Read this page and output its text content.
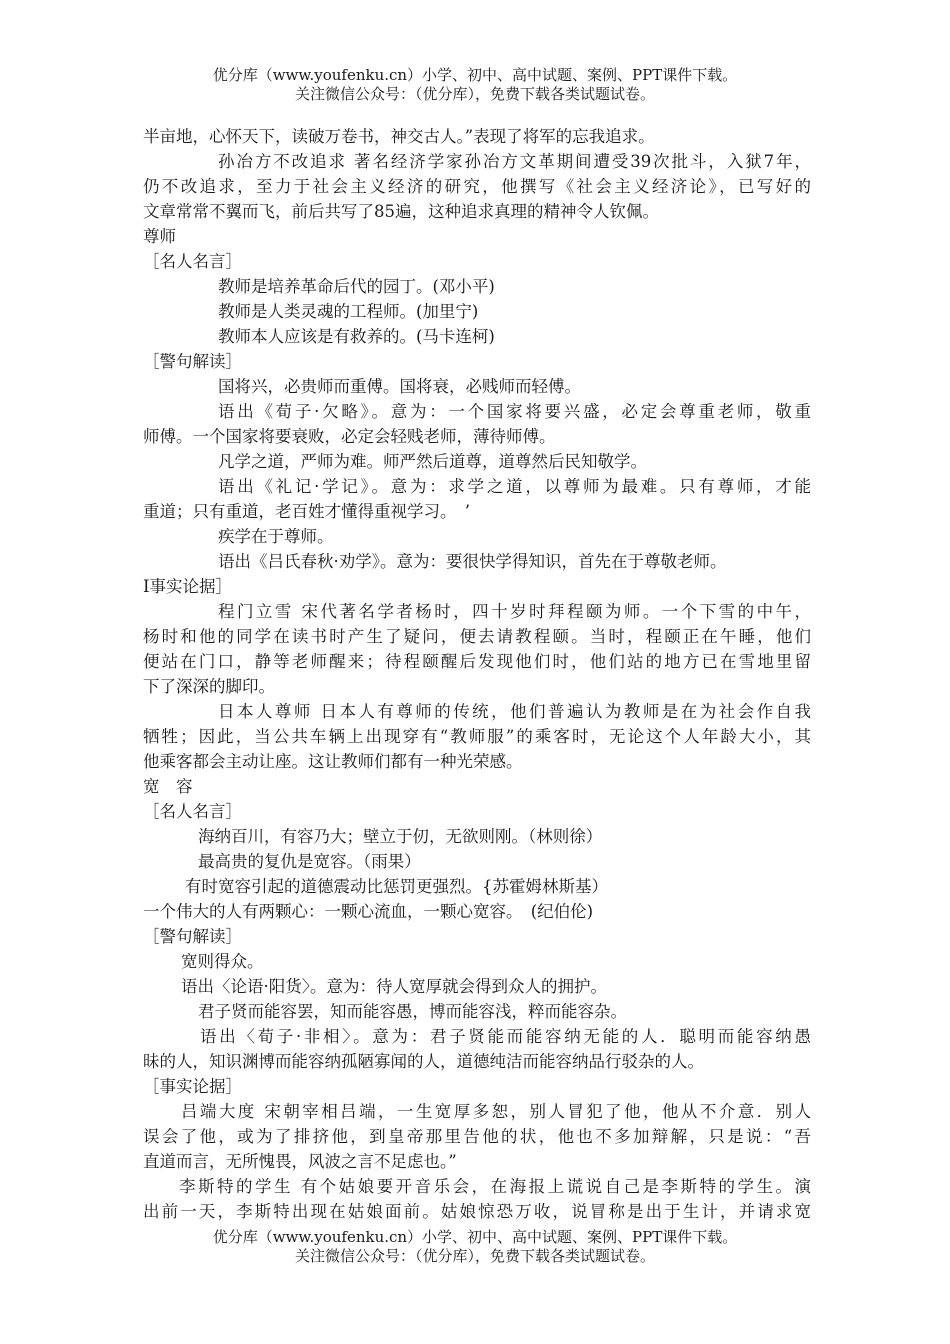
优分库（www.youfenku.cn）小学、初中、高中试题、案例、PPT课件下载。
关注微信公众号：（优分库），免费下载各类试题试卷。
半亩地，心怀天下，读破万卷书，神交古人。”表现了将军的忘我追求。
孙冶方不改追求 著名经济学家孙冶方文革期间遭受39次批斗，入狱7年，
仍不改追求，至力于社会主义经济的研究，他撰写《社会主义经济论》，已写好的
文章常常不翼而飞，前后共写了85遍，这种追求真理的精神令人钦佩。
尊师
［名人名言］
教师是培养革命后代的园丁。(邓小平)
教师是人类灵魂的工程师。(加里宁)
教师本人应该是有救养的。(马卡连柯)
［警句解读］
国将兴，必贵师而重傅。国将衰，必贱师而轻傅。
语出《荀子·欠略》。意为：一个国家将要兴盛，必定会尊重老师，敬重
师傅。一个国家将要衰败，必定会轻贱老师，薄待师傅。
凡学之道，严师为难。师严然后道尊，道尊然后民知敬学。
语出《礼记·学记》。意为：求学之道，以尊师为最难。只有尊师，才能
重道；只有重道，老百姓才懂得重视学习。　’
疾学在于尊师。
语出《吕氏春秋·劝学》。意为：要很快学得知识，首先在于尊敬老师。
I事实论据］
程门立雪 宋代著名学者杨时，四十岁时拜程颐为师。一个下雪的中午，
杨时和他的同学在读书时产生了疑问，便去请教程颐。当时，程颐正在午睡，他们
便站在门口，静等老师醒来；待程颐醒后发现他们时，他们站的地方已在雪地里留
下了深深的脚印。
日本人尊师 日本人有尊师的传统，他们普遍认为教师是在为社会作自我
牺牲；因此，当公共车辆上出现穿有“教师服”的乘客时，无论这个人年龄大小，其
他乘客都会主动让座。这让教师们都有一种光荣感。
宽　容
［名人名言］
海纳百川，有容乃大；壁立于仞，无欲则刚。（林则徐）
最高贵的复仇是宽容。（雨果）
有时宽容引起的道德震动比惩罚更强烈。{苏霍姆林斯基）
一个伟大的人有两颗心：一颗心流血，一颗心宽容。　(纪伯伦)
［警句解读］
宽则得众。
语出〈论语·阳货〉。意为：待人宽厚就会得到众人的拥护。
君子贤而能容罢，知而能容愚，博而能容浅，粹而能容杂。
语出〈荀子·非相〉。意为：君子贤能而能容纳无能的人．聪明而能容纳愚
昧的人，知识渊博而能容纳孤陋寡闻的人，道德纯洁而能容纳品行驳杂的人。
［事实论据］
吕端大度 宋朝宰相吕端，一生宽厚多恕，别人冒犯了他，他从不介意．别人
误会了他，或为了排挤他，到皇帝那里告他的状，他也不多加辩解，只是说：“吾
直道而言，无所愧畏，风波之言不足虑也。”
李斯特的学生 有个姑娘要开音乐会，在海报上谎说自己是李斯特的学生。演
出前一天，李斯特出现在姑娘面前。姑娘惊恐万收，说冒称是出于生计，并请求宽
优分库（www.youfenku.cn）小学、初中、高中试题、案例、PPT课件下载。
关注微信公众号：（优分库），免费下载各类试题试卷。
